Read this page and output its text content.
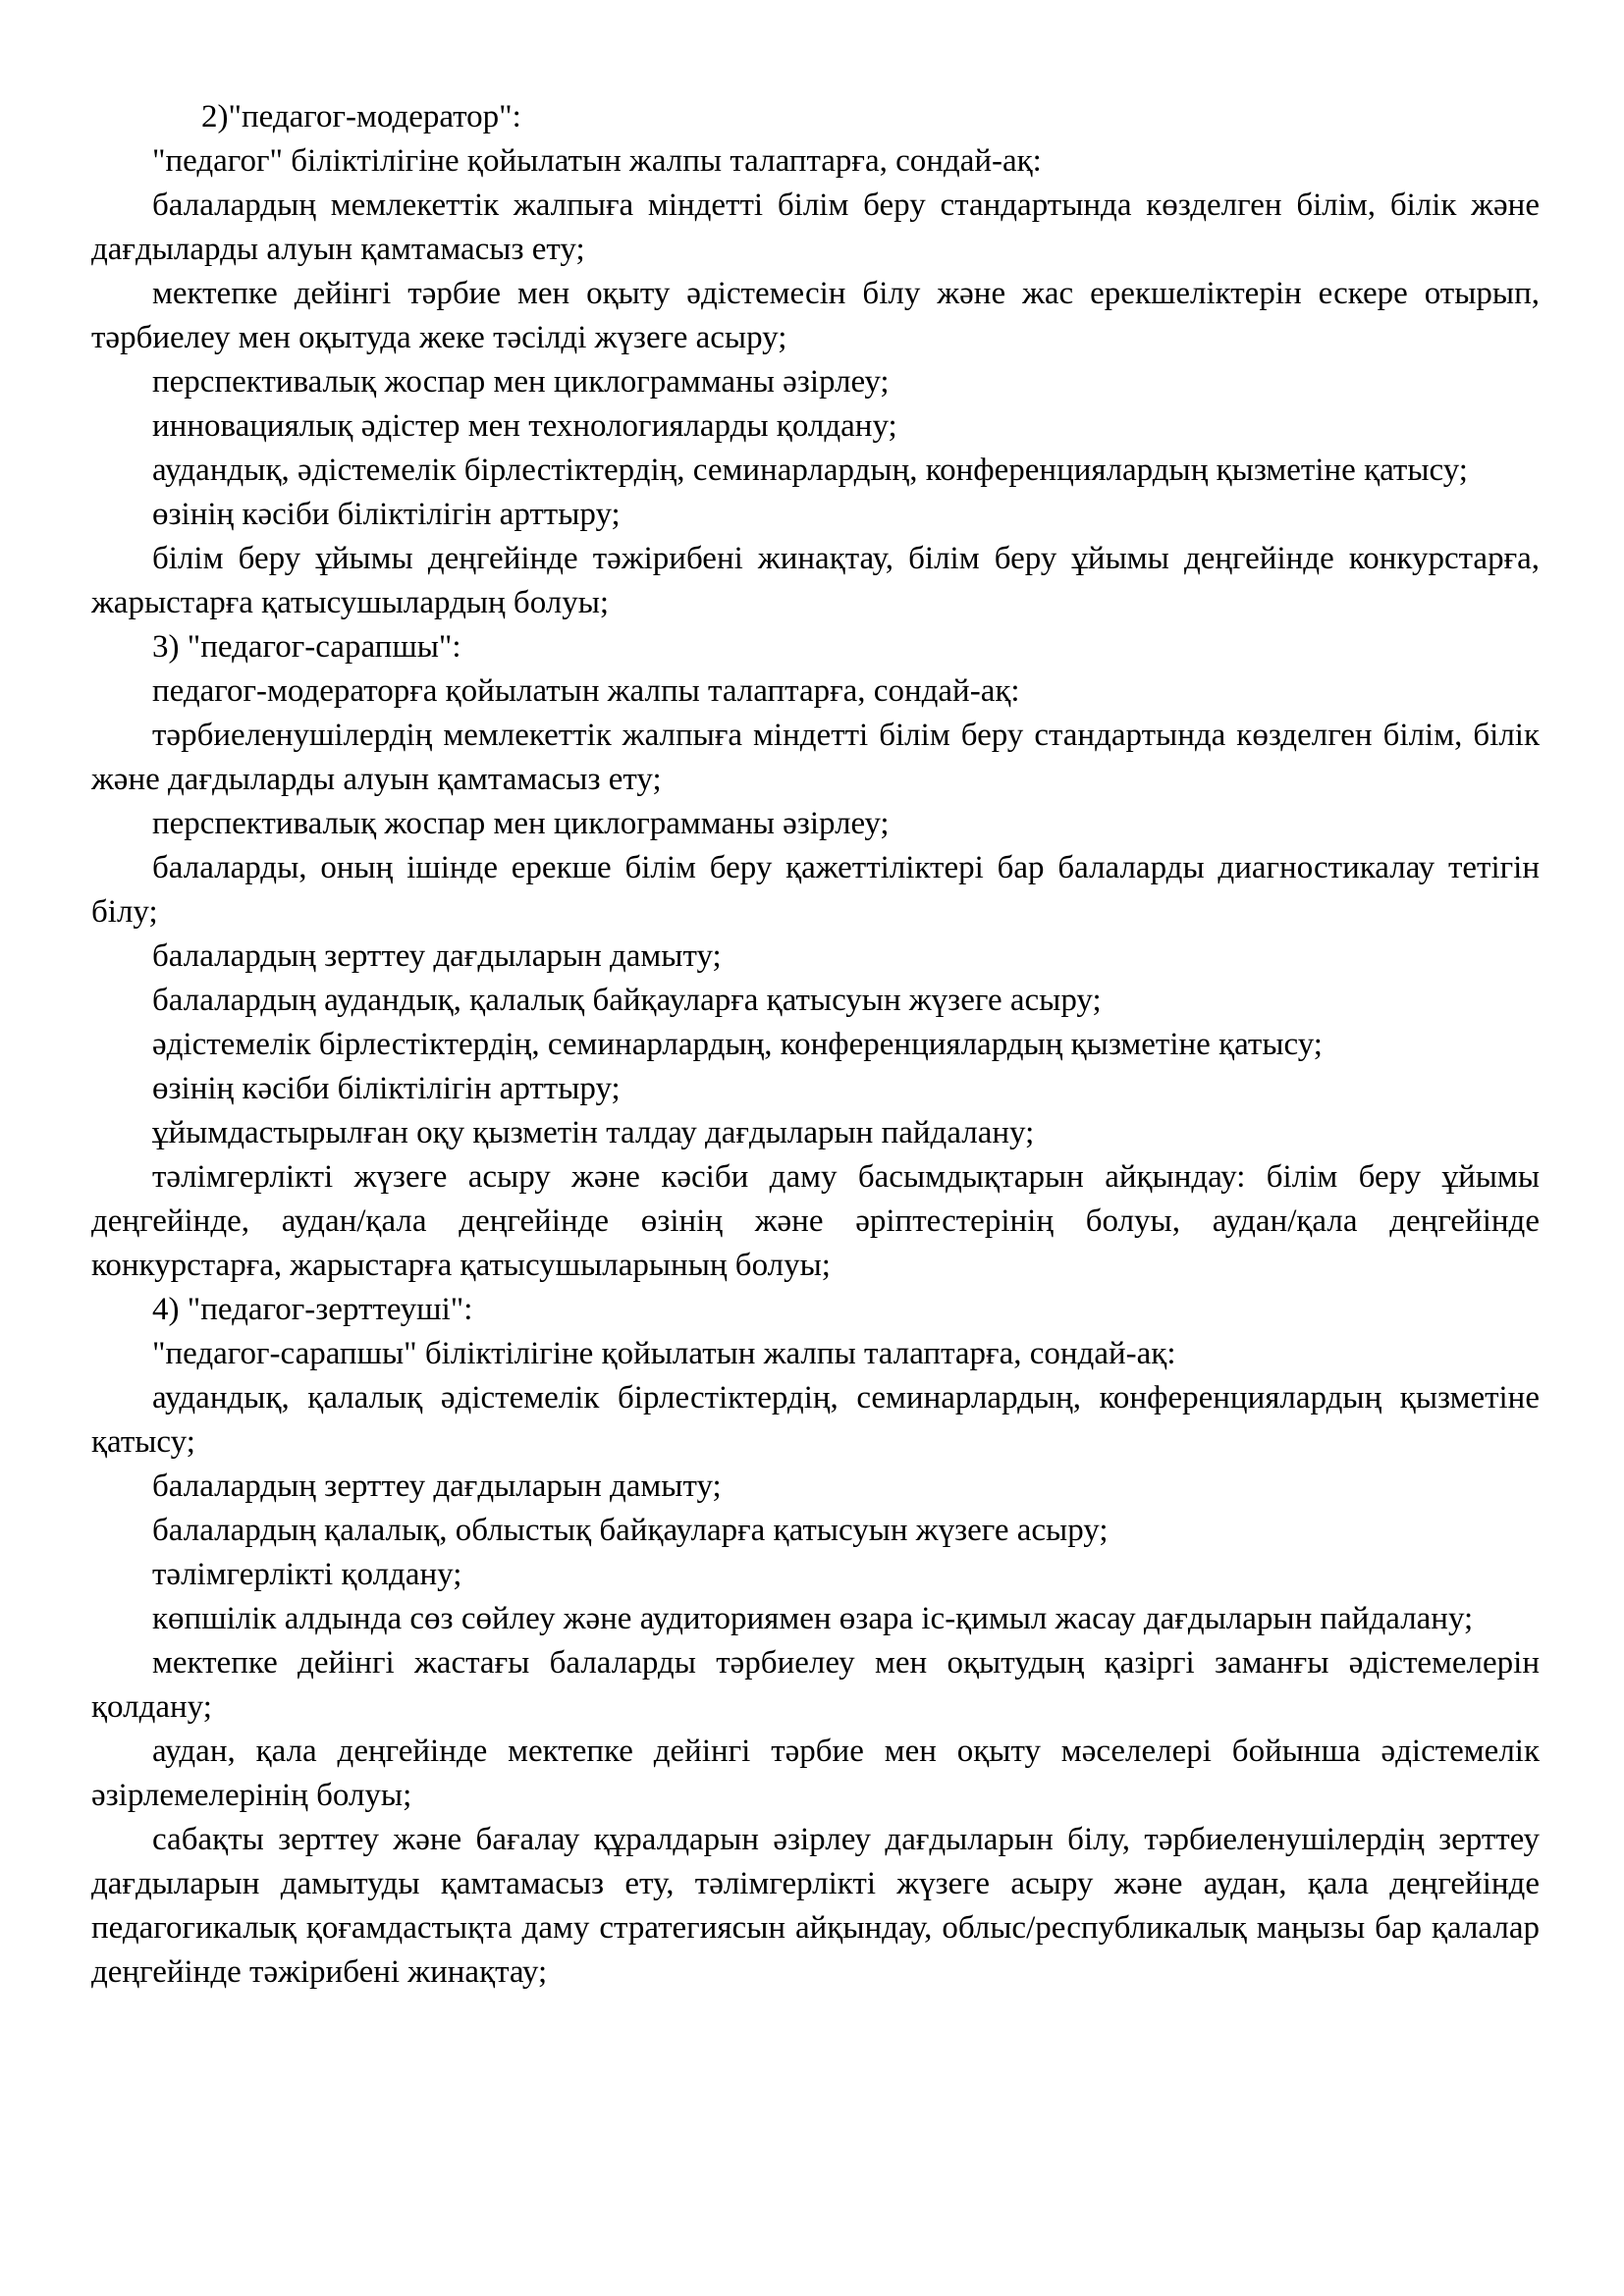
2)"педагог-модератор":

"педагог" біліктілігіне қойылатын жалпы талаптарға, сондай-ақ:

балалардың мемлекеттік жалпыға міндетті білім беру стандартында көзделген білім, білік және дағдыларды алуын қамтамасыз ету;

мектепке дейінгі тәрбие мен оқыту әдістемесін білу және жас ерекшеліктерін ескере отырып, тәрбиелеу мен оқытуда жеке тәсілді жүзеге асыру;

перспективалық жоспар мен циклограмманы әзірлеу;

инновациялық әдістер мен технологияларды қолдану;

аудандық, әдістемелік бірлестіктердің, семинарлардың, конференциялардың қызметіне қатысу;

өзінің кәсіби біліктілігін арттыру;

білім беру ұйымы деңгейінде тәжірибені жинақтау, білім беру ұйымы деңгейінде конкурстарға, жарыстарға қатысушылардың болуы;

3) "педагог-сарапшы":

педагог-модераторға қойылатын жалпы талаптарға, сондай-ақ:

тәрбиеленушілердің мемлекеттік жалпыға міндетті білім беру стандартында көзделген білім, білік және дағдыларды алуын қамтамасыз ету;

перспективалық жоспар мен циклограмманы әзірлеу;

балаларды, оның ішінде ерекше білім беру қажеттіліктері бар балаларды диагностикалау тетігін білу;

балалардың зерттеу дағдыларын дамыту;

балалардың аудандық, қалалық байқауларға қатысуын жүзеге асыру;

әдістемелік бірлестіктердің, семинарлардың, конференциялардың қызметіне қатысу;

өзінің кәсіби біліктілігін арттыру;

ұйымдастырылған оқу қызметін талдау дағдыларын пайдалану;

тәлімгерлікті жүзеге асыру және кәсіби даму басымдықтарын айқындау: білім беру ұйымы деңгейінде, аудан/қала деңгейінде өзінің және әріптестерінің болуы, аудан/қала деңгейінде конкурстарға, жарыстарға қатысушыларының болуы;

4) "педагог-зерттеуші":

"педагог-сарапшы" біліктілігіне қойылатын жалпы талаптарға, сондай-ақ:

аудандық, қалалық әдістемелік бірлестіктердің, семинарлардың, конференциялардың қызметіне қатысу;

балалардың зерттеу дағдыларын дамыту;

балалардың қалалық, облыстық байқауларға қатысуын жүзеге асыру;

тәлімгерлікті қолдану;

көпшілік алдында сөз сөйлеу және аудиториямен өзара іс-қимыл жасау дағдыларын пайдалану;

мектепке дейінгі жастағы балаларды тәрбиелеу мен оқытудың қазіргі заманғы әдістемелерін қолдану;

аудан, қала деңгейінде мектепке дейінгі тәрбие мен оқыту мәселелері бойынша әдістемелік әзірлемелерінің болуы;

сабақты зерттеу және бағалау құралдарын әзірлеу дағдыларын білу, тәрбиеленушілердің зерттеу дағдыларын дамытуды қамтамасыз ету, тәлімгерлікті жүзеге асыру және аудан, қала деңгейінде педагогикалық қоғамдастықта даму стратегиясын айқындау, облыс/республикалық маңызы бар қалалар деңгейінде тәжірибені жинақтау;
